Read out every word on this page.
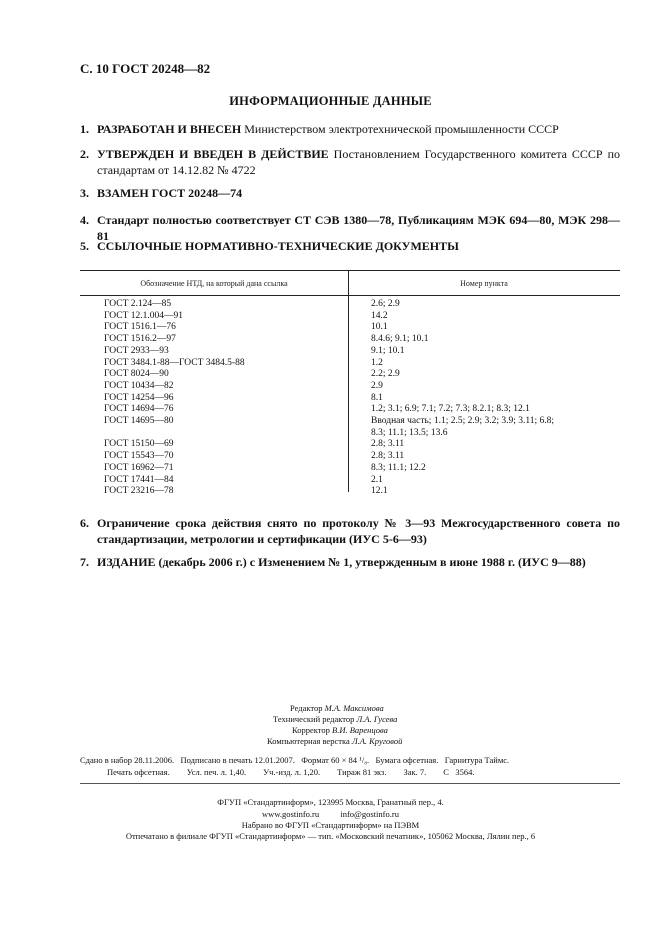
С. 10 ГОСТ 20248—82
ИНФОРМАЦИОННЫЕ ДАННЫЕ
1. РАЗРАБОТАН И ВНЕСЕН Министерством электротехнической промышленности СССР
2. УТВЕРЖДЕН И ВВЕДЕН В ДЕЙСТВИЕ Постановлением Государственного комитета СССР по стандартам от 14.12.82 № 4722
3. ВЗАМЕН ГОСТ 20248—74
4. Стандарт полностью соответствует СТ СЭВ 1380—78, Публикациям МЭК 694—80, МЭК 298—81
5. ССЫЛОЧНЫЕ НОРМАТИВНО-ТЕХНИЧЕСКИЕ ДОКУМЕНТЫ
Обозначение НТД, на который дана ссылка	Номер пункта
ГОСТ 2.124—85	2.6; 2.9
ГОСТ 12.1.004—91	14.2
ГОСТ 1516.1—76	10.1
ГОСТ 1516.2—97	8.4.6; 9.1; 10.1
ГОСТ 2933—93	9.1; 10.1
ГОСТ 3484.1-88—ГОСТ 3484.5-88	1.2
ГОСТ 8024—90	2.2; 2.9
ГОСТ 10434—82	2.9
ГОСТ 14254—96	8.1
ГОСТ 14694—76	1.2; 3.1; 6.9; 7.1; 7.2; 7.3; 8.2.1; 8.3; 12.1
ГОСТ 14695—80	Вводная часть; 1.1; 2.5; 2.9; 3.2; 3.9; 3.11; 6.8;
8.3; 11.1; 13.5; 13.6
ГОСТ 15150—69	2.8; 3.11
ГОСТ 15543—70	2.8; 3.11
ГОСТ 16962—71	8.3; 11.1; 12.2
ГОСТ 17441—84	2.1
ГОСТ 23216—78	12.1
6. Ограничение срока действия снято по протоколу № 3—93 Межгосударственного совета по стандартизации, метрологии и сертификации (ИУС 5-6—93)
7. ИЗДАНИЕ (декабрь 2006 г.) с Изменением № 1, утвержденным в июне 1988 г. (ИУС 9—88)
Редактор М.А. Максимова
Технический редактор Л.А. Гусева
Корректор В.И. Варенцова
Компьютерная верстка Л.А. Круговой
Сдано в набор 28.11.2006.   Подписано в печать 12.01.2007.   Формат 60 × 84 ¹/₈.   Бумага офсетная.   Гарнитура Таймс.
Печать офсетная.        Усл. печ. л. 1,40.        Уч.-изд. л. 1,20.        Тираж 81 экз.        Зак. 7.        С   3564.
ФГУП «Стандартинформ», 123995 Москва, Гранатный пер., 4.
www.gostinfo.ru          info@gostinfo.ru
Набрано во ФГУП «Стандартинформ» на ПЭВМ
Отпечатано в филиале ФГУП «Стандартинформ» — тип. «Московский печатник», 105062 Москва, Лялин пер., 6
